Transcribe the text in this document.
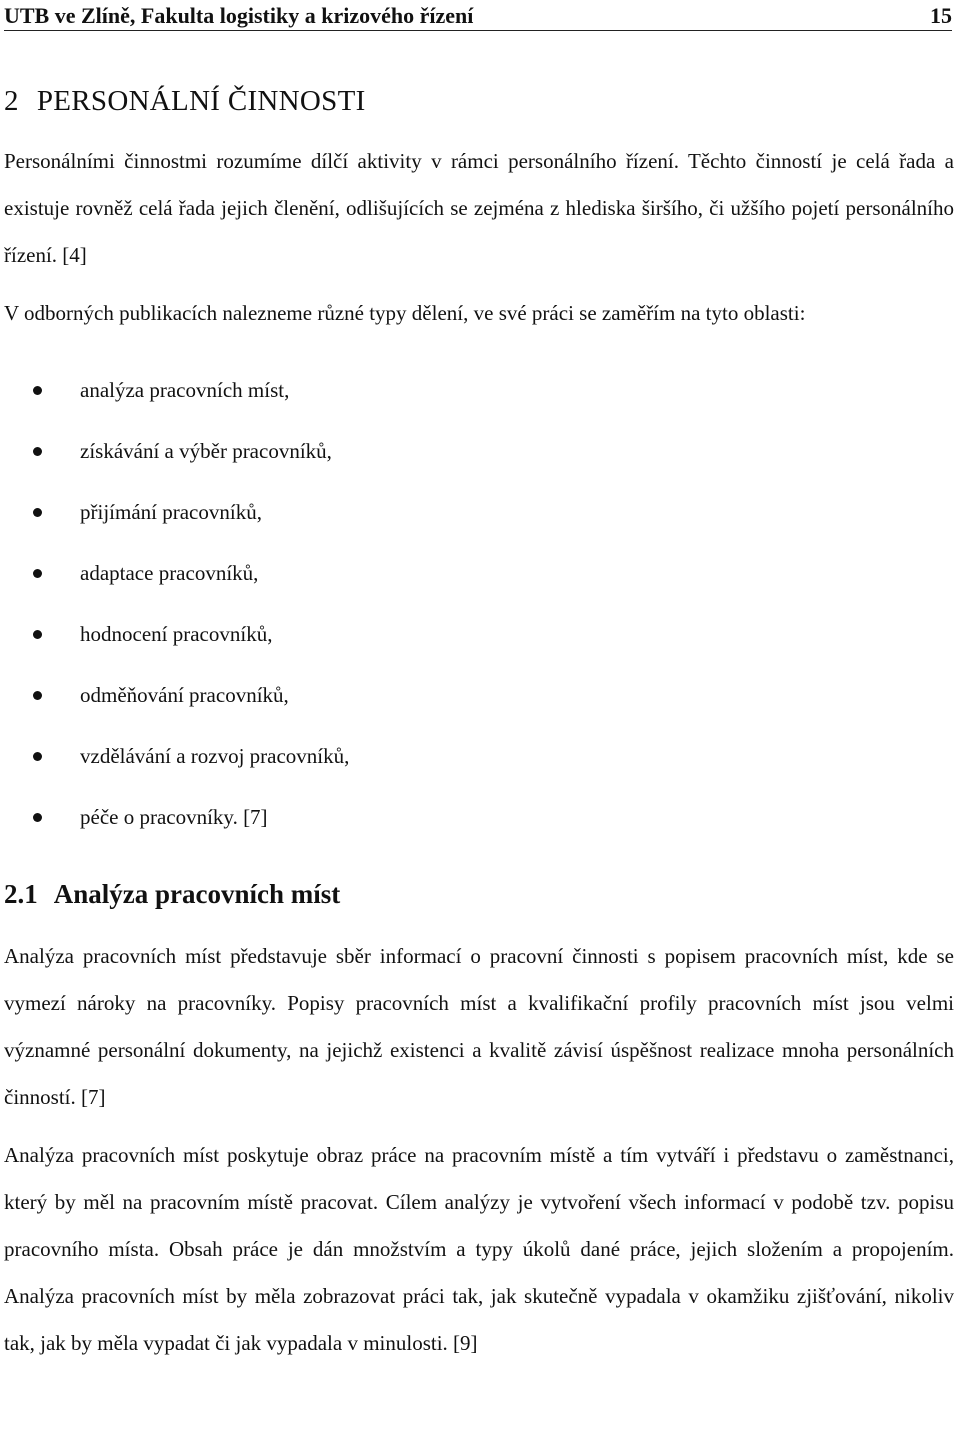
UTB ve Zlíně, Fakulta logistiky a krizového řízení	15
2 PERSONÁLNÍ ČINNOSTI

Personálními činnostmi rozumíme dílčí aktivity v rámci personálního řízení. Těchto činností je celá řada a existuje rovněž celá řada jejich členění, odlišujících se zejména z hlediska širšího, či užšího pojetí personálního řízení. [4]

V odborných publikacích nalezneme různé typy dělení, ve své práci se zaměřím na tyto oblasti:

analýza pracovních míst,
získávání a výběr pracovníků,
přijímání pracovníků,
adaptace pracovníků,
hodnocení pracovníků,
odměňování pracovníků,
vzdělávání a rozvoj pracovníků,
péče o pracovníky. [7]
2.1 Analýza pracovních míst

Analýza pracovních míst představuje sběr informací o pracovní činnosti s popisem pracovních míst, kde se vymezí nároky na pracovníky. Popisy pracovních míst a kvalifikační profily pracovních míst jsou velmi významné personální dokumenty, na jejichž existenci a kvalitě závisí úspěšnost realizace mnoha personálních činností. [7]

Analýza pracovních míst poskytuje obraz práce na pracovním místě a tím vytváří i představu o zaměstnanci, který by měl na pracovním místě pracovat. Cílem analýzy je vytvoření všech informací v podobě tzv. popisu pracovního místa. Obsah práce je dán množstvím a typy úkolů dané práce, jejich složením a propojením. Analýza pracovních míst by měla zobrazovat práci tak, jak skutečně vypadala v okamžiku zjišťování, nikoliv tak, jak by měla vypadat či jak vypadala v minulosti. [9]
